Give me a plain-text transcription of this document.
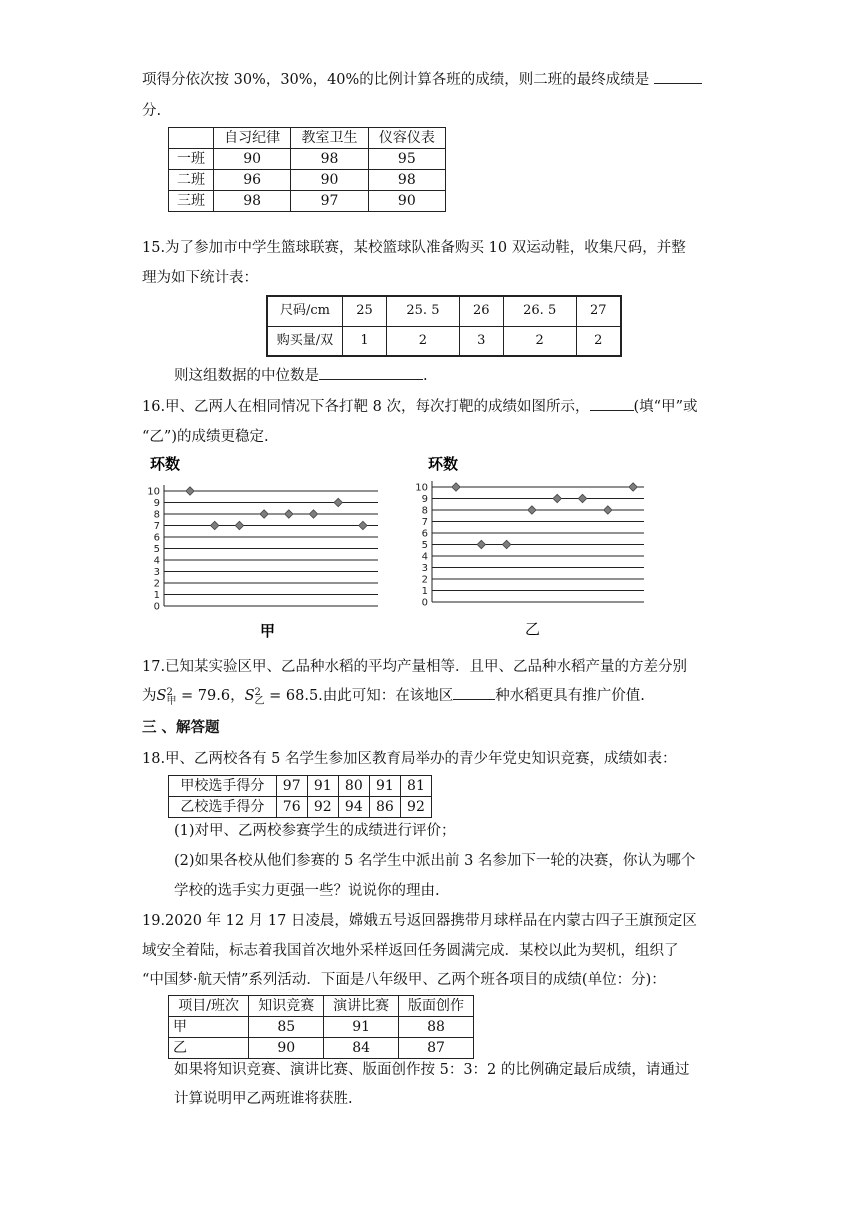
项得分依次按 30%，30%，40%的比例计算各班的成绩，则二班的最终成绩是
分.
	自习纪律	教室卫生	仪容仪表
一班	90	98	95
二班	96	90	98
三班	98	97	90
15.为了参加市中学生篮球联赛，某校篮球队准备购买 10 双运动鞋，收集尺码，并整
理为如下统计表：
尺码/cm	25	25. 5	26	26. 5	27
购买量/双	1	2	3	2	2
则这组数据的中位数是	.
16.甲、乙两人在相同情况下各打靶 8 次，每次打靶的成绩如图所示，	(填“甲”或
“乙”)的成绩更稳定.
环数
0
1
2
3
4
5
6
7
8
9
10
甲
环数
0
1
2
3
4
5
6
7
8
9
10
乙
17.已知某实验区甲、乙品种水稻的平均产量相等．且甲、乙品种水稻产量的方差分别
为S2
甲 = 79.6，S2
乙 = 68.5.由此可知：在该地区	种水稻更具有推广价值.
三 、解答题
18.甲、乙两校各有 5 名学生参加区教育局举办的青少年党史知识竞赛，成绩如表：
甲校选手得分	97	91	80	91	81
乙校选手得分	76	92	94	86	92
(1)对甲、乙两校参赛学生的成绩进行评价；
(2)如果各校从他们参赛的 5 名学生中派出前 3 名参加下一轮的决赛，你认为哪个
学校的选手实力更强一些？说说你的理由.
19.2020 年 12 月 17 日凌晨，嫦娥五号返回器携带月球样品在内蒙古四子王旗预定区
域安全着陆，标志着我国首次地外采样返回任务圆满完成．某校以此为契机，组织了
“中国梦·航天情”系列活动．下面是八年级甲、乙两个班各项目的成绩(单位：分)：
项目/班次	知识竞赛	演讲比赛	版面创作
甲	85	91	88
乙	90	84	87
如果将知识竞赛、演讲比赛、版面创作按 5：3：2 的比例确定最后成绩，请通过
计算说明甲乙两班谁将获胜.
